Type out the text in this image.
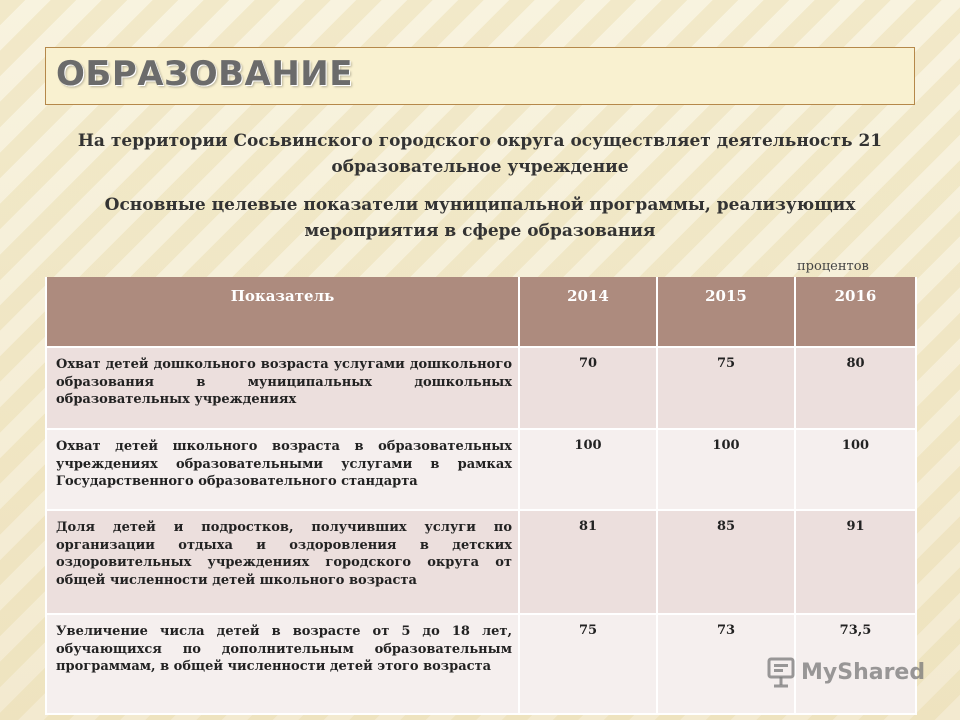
ОБРАЗОВАНИЕ
На территории Сосьвинского городского округа осуществляет деятельность 21 образовательное учреждение
Основные целевые показатели муниципальной программы, реализующих мероприятия в сфере образования
процентов
Показатель	2014	2015	2016
Охват детей дошкольного возраста услугами дошкольного образования в муниципальных дошкольных образовательных учреждениях	70	75	80
Охват детей школьного возраста в образовательных учреждениях образовательными услугами в рамках Государственного образовательного стандарта	100	100	100
Доля детей и подростков, получивших услуги по организации отдыха и оздоровления в детских оздоровительных учреждениях городского округа от общей численности детей школьного возраста	81	85	91
Увеличение числа детей в возрасте от 5 до 18 лет, обучающихся по дополнительным образовательным программам, в общей численности детей этого возраста	75	73	73,5
MyShared
